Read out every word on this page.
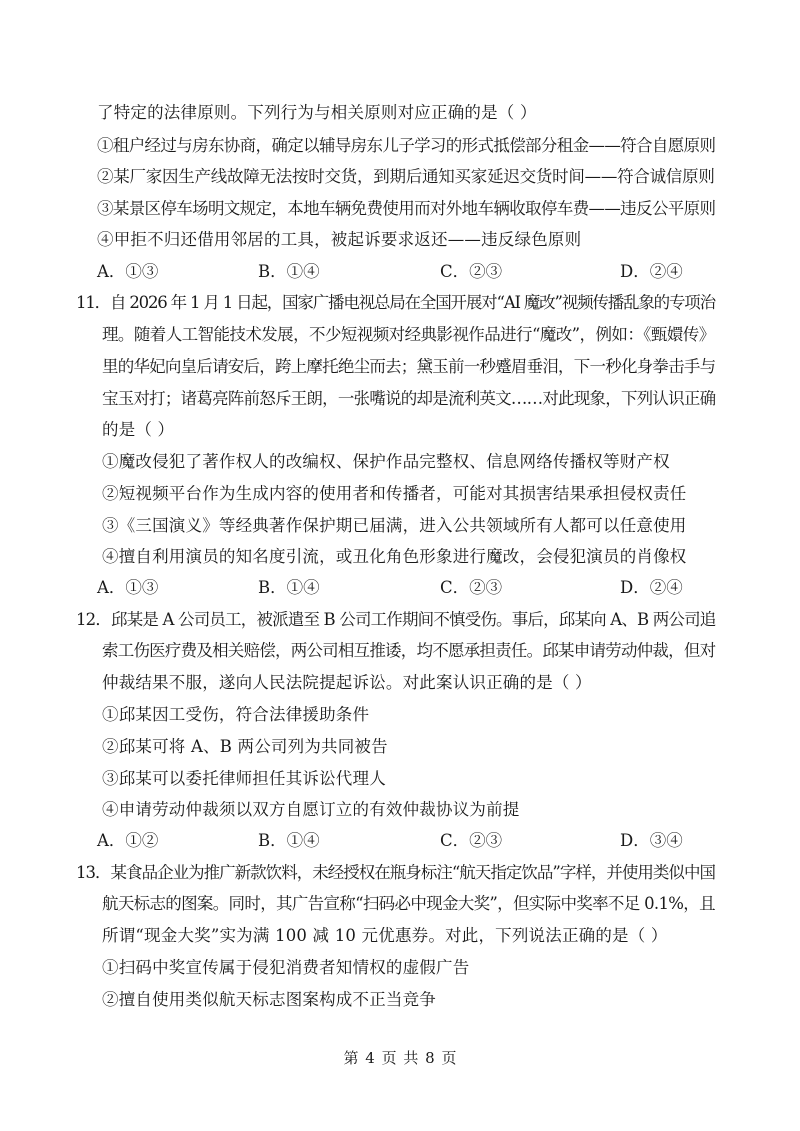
了特定的法律原则。下列行为与相关原则对应正确的是（ ）
①租户经过与房东协商，确定以辅导房东儿子学习的形式抵偿部分租金——符合自愿原则
②某厂家因生产线故障无法按时交货，到期后通知买家延迟交货时间——符合诚信原则
③某景区停车场明文规定，本地车辆免费使用而对外地车辆收取停车费——违反公平原则
④甲拒不归还借用邻居的工具，被起诉要求返还——违反绿色原则
A．①③	B．①④	C．②③	D．②④
11．自 2026 年 1 月 1 日起，国家广播电视总局在全国开展对“AI 魔改”视频传播乱象的专项治
理。随着人工智能技术发展，不少短视频对经典影视作品进行“魔改”，例如：《甄嬛传》
里的华妃向皇后请安后，跨上摩托绝尘而去；黛玉前一秒蹙眉垂泪，下一秒化身拳击手与
宝玉对打；诸葛亮阵前怒斥王朗，一张嘴说的却是流利英文……对此现象，下列认识正确
的是（ ）
①魔改侵犯了著作权人的改编权、保护作品完整权、信息网络传播权等财产权
②短视频平台作为生成内容的使用者和传播者，可能对其损害结果承担侵权责任
③《三国演义》等经典著作保护期已届满，进入公共领域所有人都可以任意使用
④擅自利用演员的知名度引流，或丑化角色形象进行魔改，会侵犯演员的肖像权
A．①③	B．①④	C．②③	D．②④
12．邱某是 A 公司员工，被派遣至 B 公司工作期间不慎受伤。事后，邱某向 A、B 两公司追
索工伤医疗费及相关赔偿，两公司相互推诿，均不愿承担责任。邱某申请劳动仲裁，但对
仲裁结果不服，遂向人民法院提起诉讼。对此案认识正确的是（ ）
①邱某因工受伤，符合法律援助条件
②邱某可将 A、B 两公司列为共同被告
③邱某可以委托律师担任其诉讼代理人
④申请劳动仲裁须以双方自愿订立的有效仲裁协议为前提
A．①②	B．①④	C．②③	D．③④
13．某食品企业为推广新款饮料，未经授权在瓶身标注“航天指定饮品”字样，并使用类似中国
航天标志的图案。同时，其广告宣称“扫码必中现金大奖”，但实际中奖率不足 0.1%，且
所谓“现金大奖”实为满 100 减 10 元优惠券。对此，下列说法正确的是（ ）
①扫码中奖宣传属于侵犯消费者知情权的虚假广告
②擅自使用类似航天标志图案构成不正当竞争
第 4 页 共 8 页
